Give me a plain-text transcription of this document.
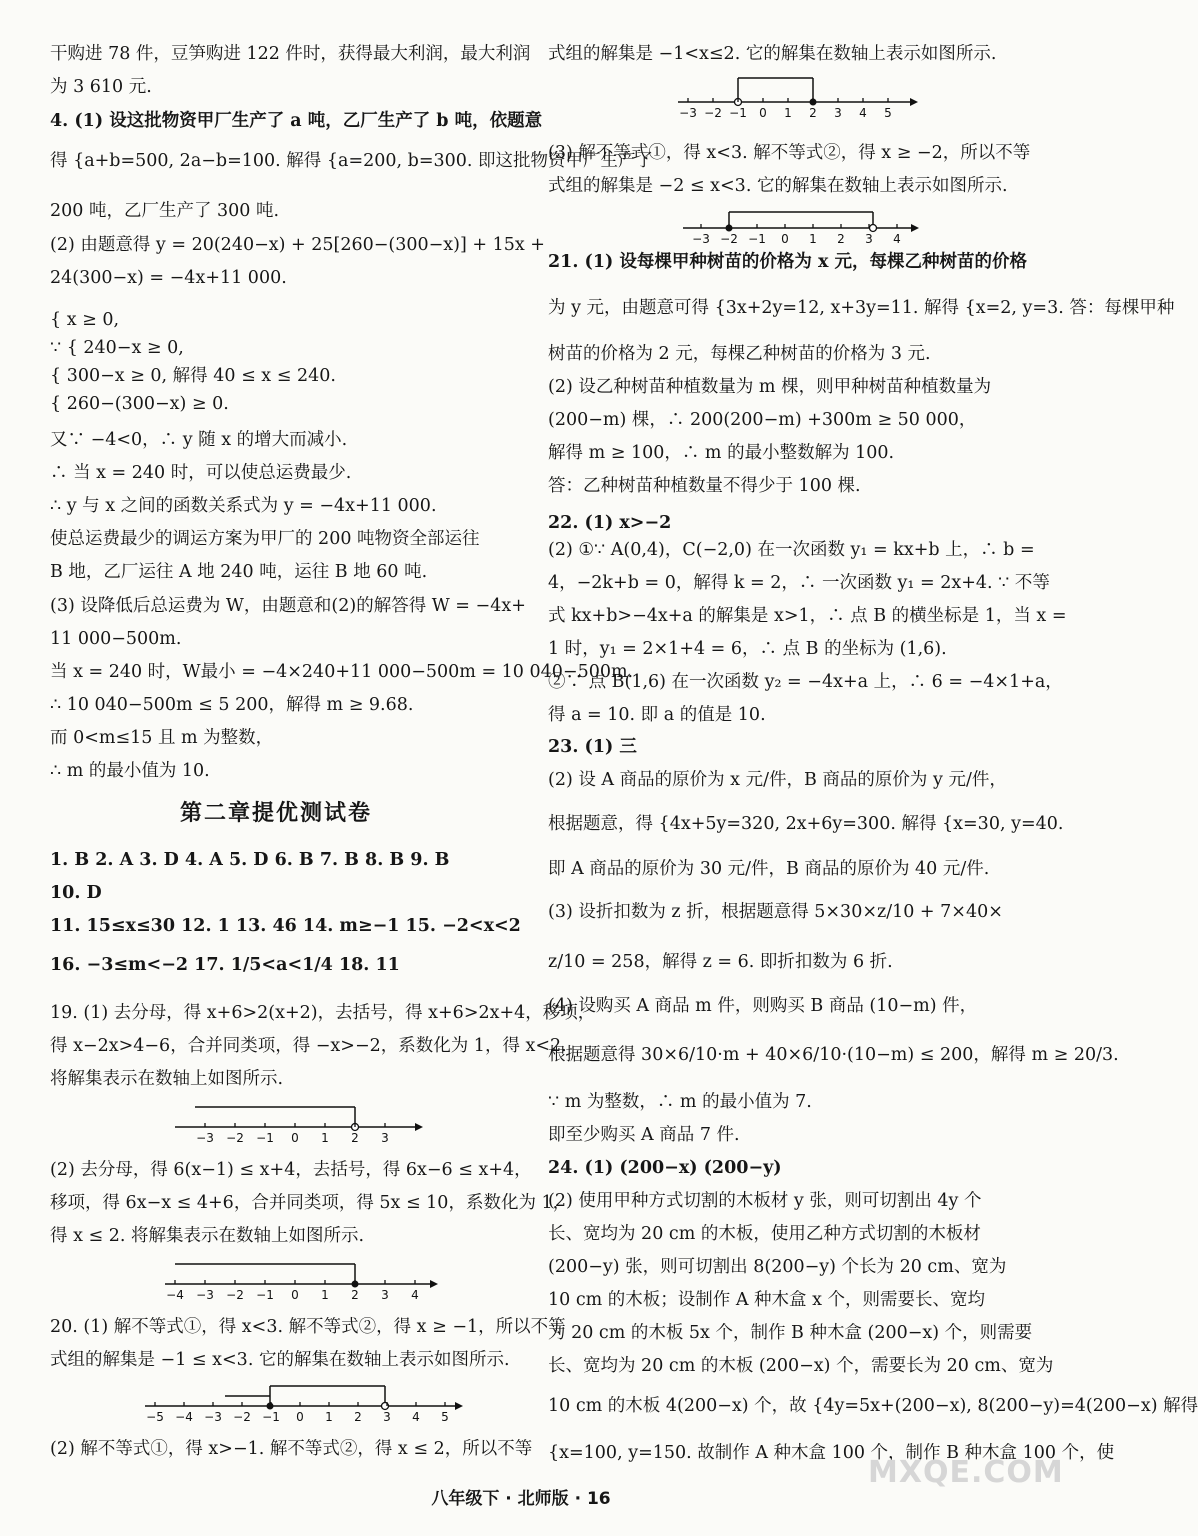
干购进 78 件，豆笋购进 122 件时，获得最大利润，最大利润
为 3 610 元.
4. (1) 设这批物资甲厂生产了 a 吨，乙厂生产了 b 吨，依题意
得 {a+b=500, 2a−b=100. 解得 {a=200, b=300. 即这批物资甲厂生产了
200 吨，乙厂生产了 300 吨.
(2) 由题意得 y = 20(240−x) + 25[260−(300−x)] + 15x +
24(300−x) = −4x+11 000.
{ x ≥ 0,
∵ { 240−x ≥ 0,
{ 300−x ≥ 0, 解得 40 ≤ x ≤ 240.
{ 260−(300−x) ≥ 0.
又∵ −4<0，∴ y 随 x 的增大而减小.
∴ 当 x = 240 时，可以使总运费最少.
∴ y 与 x 之间的函数关系式为 y = −4x+11 000.
使总运费最少的调运方案为甲厂的 200 吨物资全部运往
B 地，乙厂运往 A 地 240 吨，运往 B 地 60 吨.
(3) 设降低后总运费为 W，由题意和(2)的解答得 W = −4x+
11 000−500m.
当 x = 240 时，W最小 = −4×240+11 000−500m = 10 040−500m.
∴ 10 040−500m ≤ 5 200，解得 m ≥ 9.68.
而 0<m≤15 且 m 为整数，
∴ m 的最小值为 10.
第二章提优测试卷
1. B 2. A 3. D 4. A 5. D 6. B 7. B 8. B 9. B
10. D
11. 15≤x≤30 12. 1 13. 46 14. m≥−1 15. −2<x<2
16. −3≤m<−2 17. 1/5<a<1/4 18. 11
19. (1) 去分母，得 x+6>2(x+2)，去括号，得 x+6>2x+4，移项，
得 x−2x>4−6，合并同类项，得 −x>−2，系数化为 1，得 x<2.
将解集表示在数轴上如图所示.
−3 −2 −1 0 1 2 3
(2) 去分母，得 6(x−1) ≤ x+4，去括号，得 6x−6 ≤ x+4，
移项，得 6x−x ≤ 4+6，合并同类项，得 5x ≤ 10，系数化为 1，
得 x ≤ 2. 将解集表示在数轴上如图所示.
−4 −3 −2 −1 0 1 2 3 4
20. (1) 解不等式①，得 x<3. 解不等式②，得 x ≥ −1，所以不等
式组的解集是 −1 ≤ x<3. 它的解集在数轴上表示如图所示.
−5 −4 −3 −2 −1 0 1 2 3 4 5
(2) 解不等式①，得 x>−1. 解不等式②，得 x ≤ 2，所以不等
式组的解集是 −1<x≤2. 它的解集在数轴上表示如图所示.
−3 −2 −1 0 1 2 3 4 5
(3) 解不等式①，得 x<3. 解不等式②，得 x ≥ −2，所以不等
式组的解集是 −2 ≤ x<3. 它的解集在数轴上表示如图所示.
−3 −2 −1 0 1 2 3 4
21. (1) 设每棵甲种树苗的价格为 x 元，每棵乙种树苗的价格
为 y 元，由题意可得 {3x+2y=12, x+3y=11. 解得 {x=2, y=3. 答：每棵甲种
树苗的价格为 2 元，每棵乙种树苗的价格为 3 元.
(2) 设乙种树苗种植数量为 m 棵，则甲种树苗种植数量为
(200−m) 棵，∴ 200(200−m) +300m ≥ 50 000，
解得 m ≥ 100，∴ m 的最小整数解为 100.
答：乙种树苗种植数量不得少于 100 棵.
22. (1) x>−2
(2) ①∵ A(0,4)，C(−2,0) 在一次函数 y₁ = kx+b 上，∴ b =
4，−2k+b = 0，解得 k = 2，∴ 一次函数 y₁ = 2x+4. ∵ 不等
式 kx+b>−4x+a 的解集是 x>1，∴ 点 B 的横坐标是 1，当 x =
1 时，y₁ = 2×1+4 = 6，∴ 点 B 的坐标为 (1,6).
②∵ 点 B(1,6) 在一次函数 y₂ = −4x+a 上，∴ 6 = −4×1+a，
得 a = 10. 即 a 的值是 10.
23. (1) 三
(2) 设 A 商品的原价为 x 元/件，B 商品的原价为 y 元/件，
根据题意，得 {4x+5y=320, 2x+6y=300. 解得 {x=30, y=40.
即 A 商品的原价为 30 元/件，B 商品的原价为 40 元/件.
(3) 设折扣数为 z 折，根据题意得 5×30×z/10 + 7×40×
z/10 = 258，解得 z = 6. 即折扣数为 6 折.
(4) 设购买 A 商品 m 件，则购买 B 商品 (10−m) 件，
根据题意得 30×6/10·m + 40×6/10·(10−m) ≤ 200，解得 m ≥ 20/3.
∵ m 为整数，∴ m 的最小值为 7.
即至少购买 A 商品 7 件.
24. (1) (200−x) (200−y)
(2) 使用甲种方式切割的木板材 y 张，则可切割出 4y 个
长、宽均为 20 cm 的木板，使用乙种方式切割的木板材
(200−y) 张，则可切割出 8(200−y) 个长为 20 cm、宽为
10 cm 的木板；设制作 A 种木盒 x 个，则需要长、宽均
为 20 cm 的木板 5x 个，制作 B 种木盒 (200−x) 个，则需要
长、宽均为 20 cm 的木板 (200−x) 个，需要长为 20 cm、宽为
10 cm 的木板 4(200−x) 个，故 {4y=5x+(200−x), 8(200−y)=4(200−x) 解得
{x=100, y=150. 故制作 A 种木盒 100 个，制作 B 种木盒 100 个，使
八年级下 · 北师版 · 16
MXQE.COM
